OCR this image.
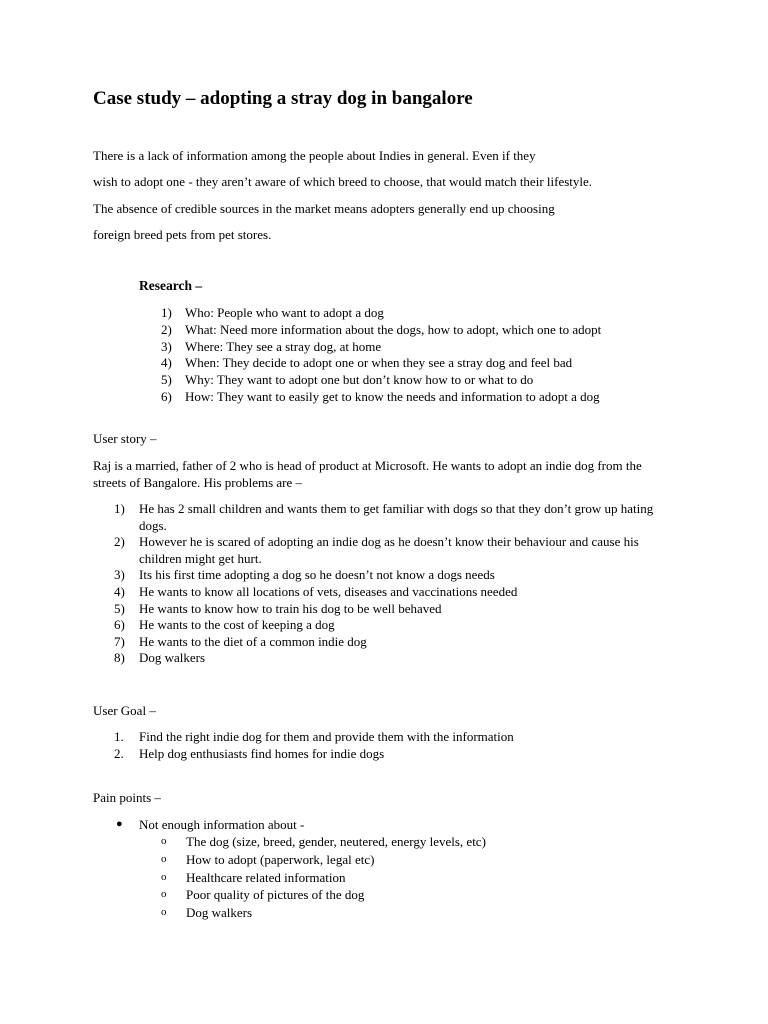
Case study – adopting a stray dog in bangalore

There is a lack of information among the people about Indies in general. Even if they

wish to adopt one - they aren’t aware of which breed to choose, that would match their lifestyle.

The absence of credible sources in the market means adopters generally end up choosing

foreign breed pets from pet stores.

Research –
1)	Who: People who want to adopt a dog
2)	What: Need more information about the dogs, how to adopt, which one to adopt
3)	Where: They see a stray dog, at home
4)	When: They decide to adopt one or when they see a stray dog and feel bad
5)	Why: They want to adopt one but don’t know how to or what to do
6)	How: They want to easily get to know the needs and information to adopt a dog
User story –
Raj is a married, father of 2 who is head of product at Microsoft. He wants to adopt an indie dog from the streets of Bangalore. His problems are –
1)	He has 2 small children and wants them to get familiar with dogs so that they don’t grow up hating dogs.
2)	However he is scared of adopting an indie dog as he doesn’t know their behaviour and cause his children might get hurt.
3)	Its his first time adopting a dog so he doesn’t not know a dogs needs
4)	He wants to know all locations of vets, diseases and vaccinations needed
5)	He wants to know how to train his dog to be well behaved
6)	He wants to the cost of keeping a dog
7)	He wants to the diet of a common indie dog
8)	Dog walkers
User Goal –
1.	Find the right indie dog for them and provide them with the information
2.	Help dog enthusiasts find homes for indie dogs
Pain points –
●	Not enough information about -
o	The dog (size, breed, gender, neutered, energy levels, etc)
o	How to adopt (paperwork, legal etc)
o	Healthcare related information
o	Poor quality of pictures of the dog
o	Dog walkers
